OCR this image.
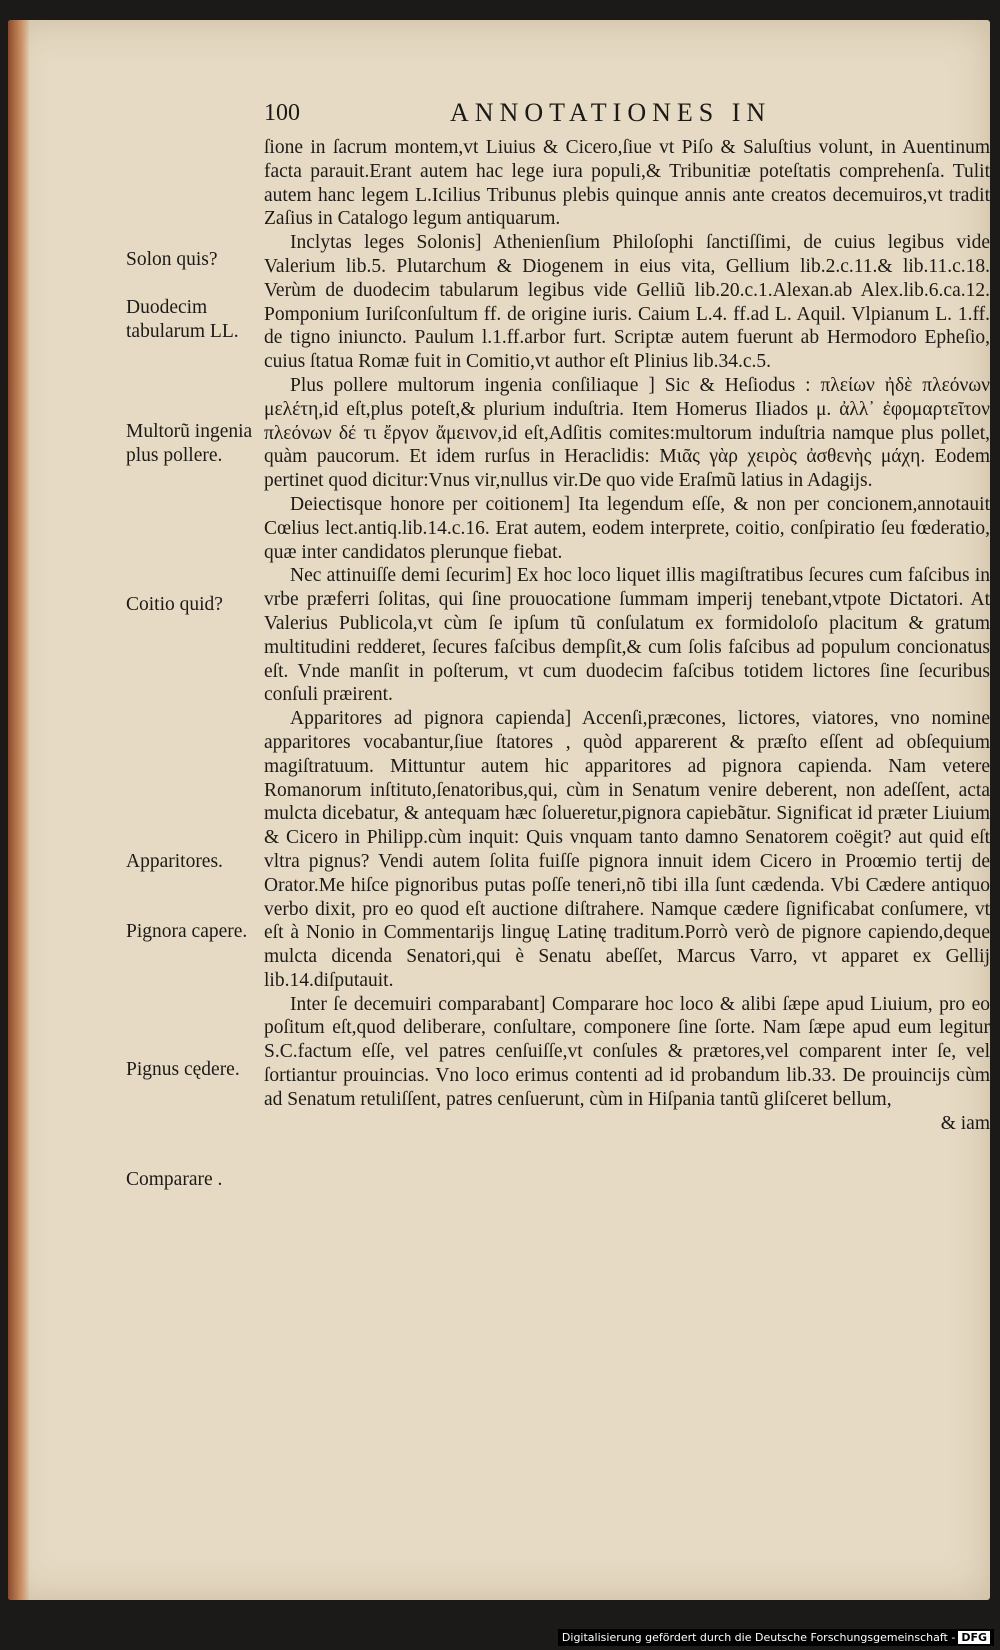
100	ANNOTATIONES IN
Solon quis?
Duodecim tabularum LL.
Multorũ ingenia plus pollere.
Coitio quid?
Apparitores.
Pignora capere.
Pignus cędere.
Comparare .

ſione in ſacrum montem,vt Liuius & Cicero,ſiue vt Piſo & Saluſtius volunt, in Auentinum facta parauit.Erant autem hac lege iura populi,& Tribunitiæ poteſtatis comprehenſa. Tulit autem hanc legem L.Icilius Tribunus plebis quinque annis ante creatos decemuiros,vt tradit Zaſius in Catalogo legum antiquarum.

Inclytas leges Solonis] Athenienſium Philoſophi ſanctiſſimi, de cuius legibus vide Valerium lib.5. Plutarchum & Diogenem in eius vita, Gellium lib.2.c.11.& lib.11.c.18. Verùm de duodecim tabularum legibus vide Gelliũ lib.20.c.1.Alexan.ab Alex.lib.6.ca.12. Pomponium Iuriſconſultum ff. de origine iuris. Caium L.4. ff.ad L. Aquil. Vlpianum L. 1.ff. de tigno iniuncto. Paulum l.1.ff.arbor furt. Scriptæ autem fuerunt ab Hermodoro Epheſio, cuius ſtatua Romæ fuit in Comitio,vt author eſt Plinius lib.34.c.5.

Plus pollere multorum ingenia conſiliaque ] Sic & Heſiodus : πλείων ἠδὲ πλεόνων μελέτη,id eſt,plus poteſt,& plurium induſtria. Item Homerus Iliados μ. ἀλλ᾽ ἐφομαρτεῖτον πλεόνων δέ τι ἔργον ἄμεινον,id eſt,Adſitis comites:multorum induſtria namque plus pollet, quàm paucorum. Et idem rurſus in Heraclidis: Μιᾶς γὰρ χειρὸς ἀσθενὴς μάχη. Eodem pertinet quod dicitur:Vnus vir,nullus vir.De quo vide Eraſmũ latius in Adagijs.

Deiectisque honore per coitionem] Ita legendum eſſe, & non per concionem,annotauit Cœlius lect.antiq.lib.14.c.16. Erat autem, eodem interprete, coitio, conſpiratio ſeu fœderatio, quæ inter candidatos plerunque fiebat.

Nec attinuiſſe demi ſecurim] Ex hoc loco liquet illis magiſtratibus ſecures cum faſcibus in vrbe præferri ſolitas, qui ſine prouocatione ſummam imperij tenebant,vtpote Dictatori. At Valerius Publicola,vt cùm ſe ipſum tũ conſulatum ex formidoloſo placitum & gratum multitudini redderet, ſecures faſcibus dempſit,& cum ſolis faſcibus ad populum concionatus eſt. Vnde manſit in poſterum, vt cum duodecim faſcibus totidem lictores ſine ſecuribus conſuli præirent.

Apparitores ad pignora capienda] Accenſi,præcones, lictores, viatores, vno nomine apparitores vocabantur,ſiue ſtatores , quòd apparerent & præſto eſſent ad obſequium magiſtratuum. Mittuntur autem hic apparitores ad pignora capienda. Nam vetere Romanorum inſtituto,ſenatoribus,qui, cùm in Senatum venire deberent, non adeſſent, acta mulcta dicebatur, & antequam hæc ſolueretur,pignora capiebãtur. Significat id præter Liuium & Cicero in Philipp.cùm inquit: Quis vnquam tanto damno Senatorem coëgit? aut quid eſt vltra pignus? Vendi autem ſolita fuiſſe pignora innuit idem Cicero in Proœmio tertij de Orator.Me hiſce pignoribus putas poſſe teneri,nõ tibi illa ſunt cædenda. Vbi Cædere antiquo verbo dixit, pro eo quod eſt auctione diſtrahere. Namque cædere ſignificabat conſumere, vt eſt à Nonio in Commentarijs linguę Latinę traditum.Porrò verò de pignore capiendo,deque mulcta dicenda Senatori,qui è Senatu abeſſet, Marcus Varro, vt apparet ex Gellij lib.14.diſputauit.

Inter ſe decemuiri comparabant] Comparare hoc loco & alibi ſæpe apud Liuium, pro eo poſitum eſt,quod deliberare, conſultare, componere ſine ſorte. Nam ſæpe apud eum legitur S.C.factum eſſe, vel patres cenſuiſſe,vt conſules & prætores,vel comparent inter ſe, vel ſortiantur prouincias. Vno loco erimus contenti ad id probandum lib.33. De prouincijs cùm ad Senatum retuliſſent, patres cenſuerunt, cùm in Hiſpania tantũ gliſceret bellum,

& iam
Digitalisierung gefördert durch die Deutsche Forschungsgemeinschaft - DFG
